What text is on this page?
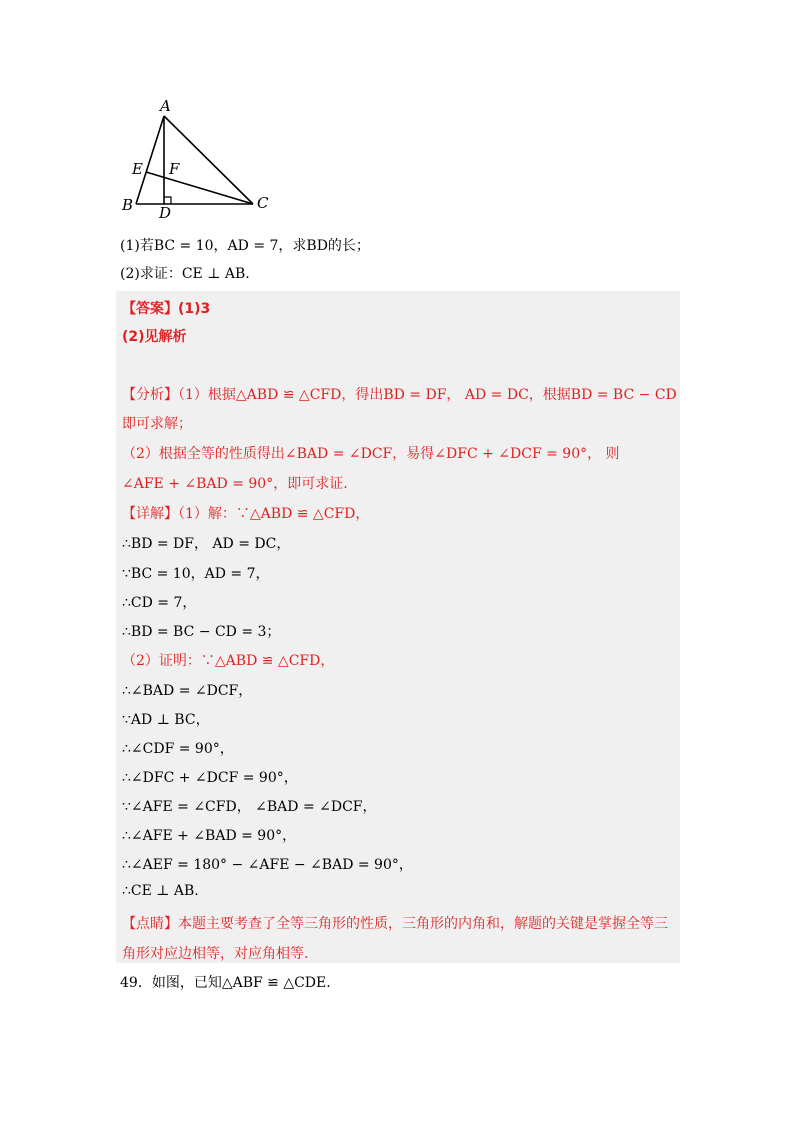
A
B	C
D
E F
(1)若BC = 10，AD = 7，求BD的长；
(2)求证：CE ⊥ AB.
【答案】(1)3
(2)见解析
【分析】（1）根据△ABD ≌ △CFD，得出BD = DF， AD = DC，根据BD = BC − CD
即可求解；
（2）根据全等的性质得出∠BAD = ∠DCF，易得∠DFC + ∠DCF = 90°， 则
∠AFE + ∠BAD = 90°，即可求证.
【详解】（1）解：∵△ABD ≌ △CFD，
∴BD = DF， AD = DC，
∵BC = 10，AD = 7，
∴CD = 7，
∴BD = BC − CD = 3；
（2）证明：∵△ABD ≌ △CFD，
∴∠BAD = ∠DCF，
∵AD ⊥ BC，
∴∠CDF = 90°，
∴∠DFC + ∠DCF = 90°，
∵∠AFE = ∠CFD， ∠BAD = ∠DCF，
∴∠AFE + ∠BAD = 90°，
∴∠AEF = 180° − ∠AFE − ∠BAD = 90°，
∴CE ⊥ AB.
【点睛】本题主要考查了全等三角形的性质，三角形的内角和，解题的关键是掌握全等三
角形对应边相等，对应角相等.
49．如图，已知△ABF ≌ △CDE.
